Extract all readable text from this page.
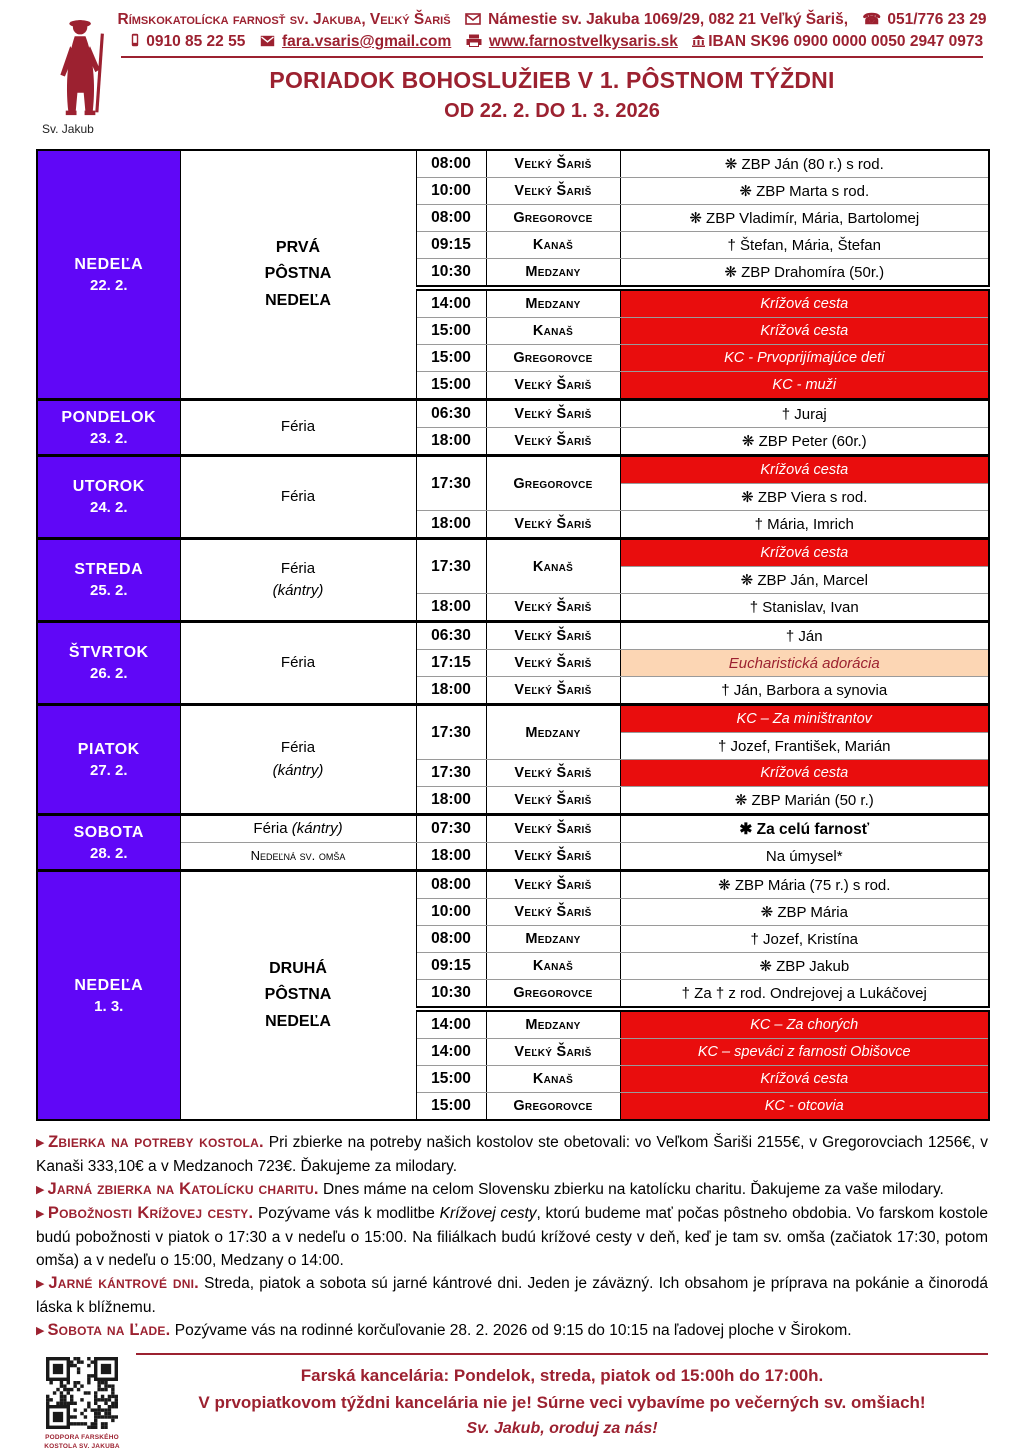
Sv. Jakub
Rímskokatolícka farnosť sv. Jakuba, Veľký Šariš Námestie sv. Jakuba 1069/29, 082 21 Veľký Šariš, ☎ 051/776 23 29
0910 85 22 55 fara.vsaris@gmail.com www.farnostvelkysaris.sk IBAN SK96 0900 0000 0050 2947 0973
PORIADOK BOHOSLUŽIEB V 1. PÔSTNOM TÝŽDNI
OD 22. 2. DO 1. 3. 2026
NEDEĽA
22. 2.

PRVÁ
PÔSTNA
NEDEĽA
	08:00	Veľký Šariš	❋ ZBP Ján (80 r.) s rod.
		10:00	Veľký Šariš	❋ ZBP Marta s rod.
		08:00	Gregorovce	❋ ZBP Vladimír, Mária, Bartolomej
		09:15	Kanaš	† Štefan, Mária, Štefan
		10:30	Medzany	❋ ZBP Drahomíra (50r.)
		14:00	Medzany	Krížová cesta
		15:00	Kanaš	Krížová cesta
		15:00	Gregorovce	KC - Prvoprijímajúce deti
		15:00	Veľký Šariš	KC - muži

PONDELOK
23. 2.	Féria	06:30	Veľký Šariš	† Juraj
		18:00	Veľký Šariš	❋ ZBP Peter (60r.)

UTOROK
24. 2.	Féria	17:30	Gregorovce	Krížová cesta
				❋ ZBP Viera s rod.
		18:00	Veľký Šariš	† Mária, Imrich

STREDA
25. 2.

Féria
(kántry)
	17:30	Kanaš	Krížová cesta
				❋ ZBP Ján, Marcel
		18:00	Veľký Šariš	† Stanislav, Ivan

ŠTVRTOK
26. 2.	Féria	06:30	Veľký Šariš	† Ján
		17:15	Veľký Šariš	Eucharistická adorácia
		18:00	Veľký Šariš	† Ján, Barbora a synovia

PIATOK
27. 2.

Féria
(kántry)
	17:30	Medzany	KC – Za miništrantov
				† Jozef, František, Marián
		17:30	Veľký Šariš	Krížová cesta
		18:00	Veľký Šariš	❋ ZBP Marián (50 r.)

SOBOTA
28. 2.	Féria (kántry)	07:30	Veľký Šariš	✱ Za celú farnosť
	Nedeľná sv. omša	18:00	Veľký Šariš	Na úmysel*

NEDEĽA
1. 3.

DRUHÁ
PÔSTNA
NEDEĽA
	08:00	Veľký Šariš	❋ ZBP Mária (75 r.) s rod.
		10:00	Veľký Šariš	❋ ZBP Mária
		08:00	Medzany	† Jozef, Kristína
		09:15	Kanaš	❋ ZBP Jakub
		10:30	Gregorovce	† Za † z rod. Ondrejovej a Lukáčovej
		14:00	Medzany	KC – Za chorých
		14:00	Veľký Šariš	KC – speváci z farnosti Obišovce
		15:00	Kanaš	Krížová cesta
		15:00	Gregorovce	KC - otcovia

▶ Zbierka na potreby kostola. Pri zbierke na potreby našich kostolov ste obetovali: vo Veľkom Šariši 2155€, v Gregorovciach 1256€, v Kanaši 333,10€ a v Medzanoch 723€. Ďakujeme za milodary.

▶ Jarná zbierka na Katolícku charitu. Dnes máme na celom Slovensku zbierku na katolícku charitu. Ďakujeme za vaše milodary.

▶ Pobožnosti Krížovej cesty. Pozývame vás k modlitbe Krížovej cesty, ktorú budeme mať počas pôstneho obdobia. Vo farskom kostole budú pobožnosti v piatok o 17:30 a v nedeľu o 15:00. Na filiálkach budú krížové cesty v deň, keď je tam sv. omša (začiatok 17:30, potom omša) a v nedeľu o 15:00, Medzany o 14:00.

▶ Jarné kántrové dni. Streda, piatok a sobota sú jarné kántrové dni. Jeden je záväzný. Ich obsahom je príprava na pokánie a činorodá láska k blížnemu.

▶ Sobota na Ľade. Pozývame vás na rodinné korčuľovanie 28. 2. 2026 od 9:15 do 10:15 na ľadovej ploche v Širokom.

PODPORA FARSKÉHO
KOSTOLA SV. JAKUBA
Farská kancelária: Pondelok, streda, piatok od 15:00h do 17:00h.
V prvopiatkovom týždni kancelária nie je! Súrne veci vybavíme po večerných sv. omšiach!
Sv. Jakub, oroduj za nás!
